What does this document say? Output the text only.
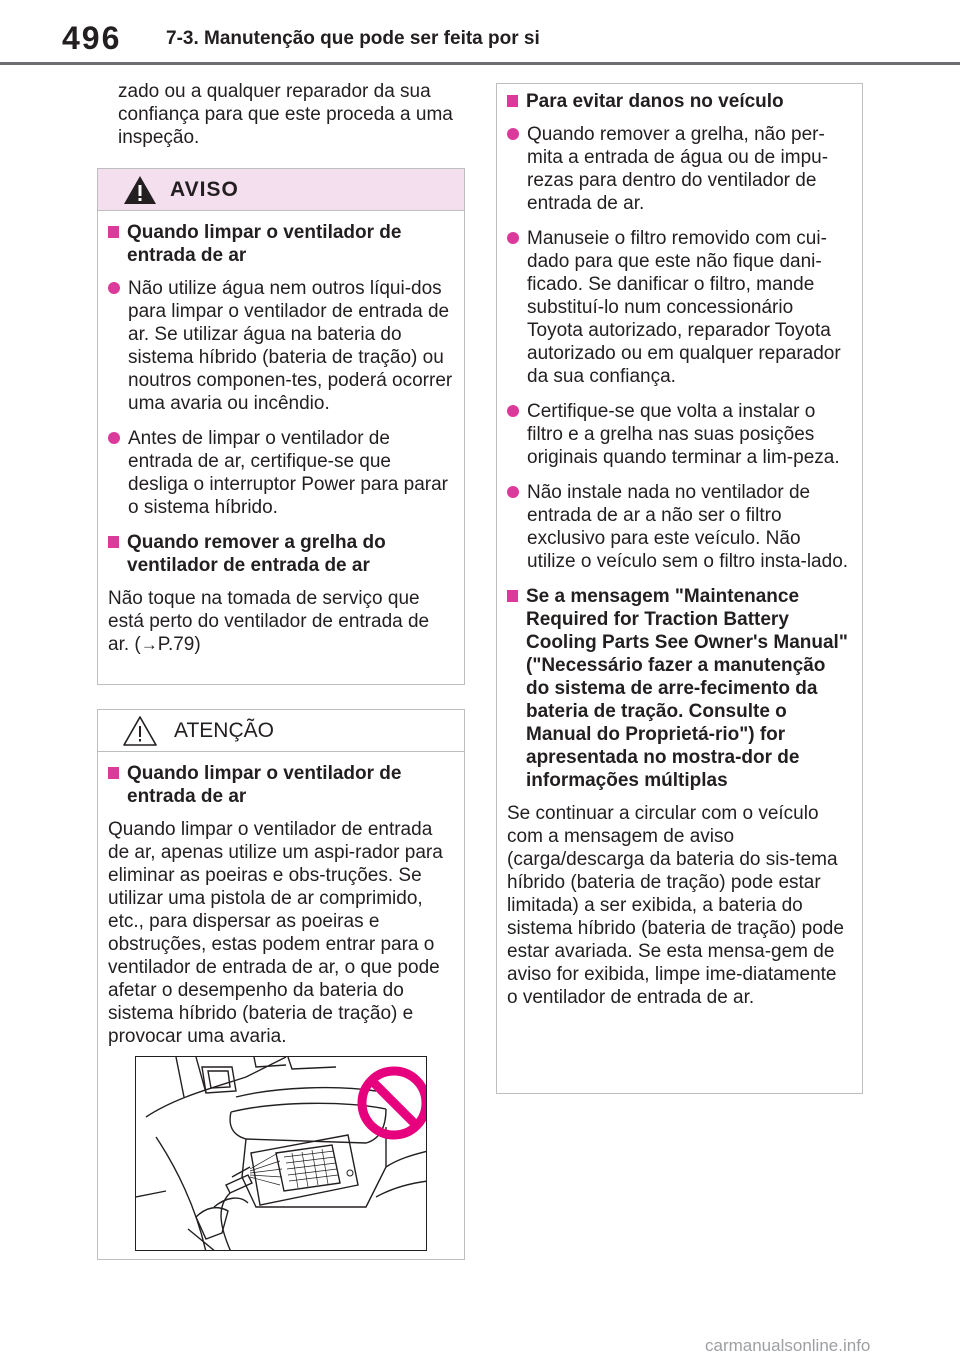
496 7-3. Manutenção que pode ser feita por si
zado ou a qualquer reparador da sua confiança para que este proceda a uma inspeção.
AVISO
Quando limpar o ventilador de entrada de ar
Não utilize água nem outros líqui-dos para limpar o ventilador de entrada de ar. Se utilizar água na bateria do sistema híbrido (bateria de tração) ou noutros componen-tes, poderá ocorrer uma avaria ou incêndio.
Antes de limpar o ventilador de entrada de ar, certifique-se que desliga o interruptor Power para parar o sistema híbrido.
Quando remover a grelha do ventilador de entrada de ar
Não toque na tomada de serviço que está perto do ventilador de entrada de ar. (→P.79)
ATENÇÃO
Quando limpar o ventilador de entrada de ar
Quando limpar o ventilador de entrada de ar, apenas utilize um aspi-rador para eliminar as poeiras e obs-truções. Se utilizar uma pistola de ar comprimido, etc., para dispersar as poeiras e obstruções, estas podem entrar para o ventilador de entrada de ar, o que pode afetar o desempenho da bateria do sistema híbrido (bateria de tração) e provocar uma avaria.
Para evitar danos no veículo
Quando remover a grelha, não per-mita a entrada de água ou de impu-rezas para dentro do ventilador de entrada de ar.
Manuseie o filtro removido com cui-dado para que este não fique dani-ficado. Se danificar o filtro, mande substituí-lo num concessionário Toyota autorizado, reparador Toyota autorizado ou em qualquer reparador da sua confiança.
Certifique-se que volta a instalar o filtro e a grelha nas suas posições originais quando terminar a lim-peza.
Não instale nada no ventilador de entrada de ar a não ser o filtro exclusivo para este veículo. Não utilize o veículo sem o filtro insta-lado.
Se a mensagem "Maintenance Required for Traction Battery Cooling Parts See Owner's Manual" ("Necessário fazer a manutenção do sistema de arre-fecimento da bateria de tração. Consulte o Manual do Proprietá-rio") for apresentada no mostra-dor de informações múltiplas
Se continuar a circular com o veículo com a mensagem de aviso (carga/descarga da bateria do sis-tema híbrido (bateria de tração) pode estar limitada) a ser exibida, a bateria do sistema híbrido (bateria de tração) pode estar avariada. Se esta mensa-gem de aviso for exibida, limpe ime-diatamente o ventilador de entrada de ar.
carmanualsonline.info
